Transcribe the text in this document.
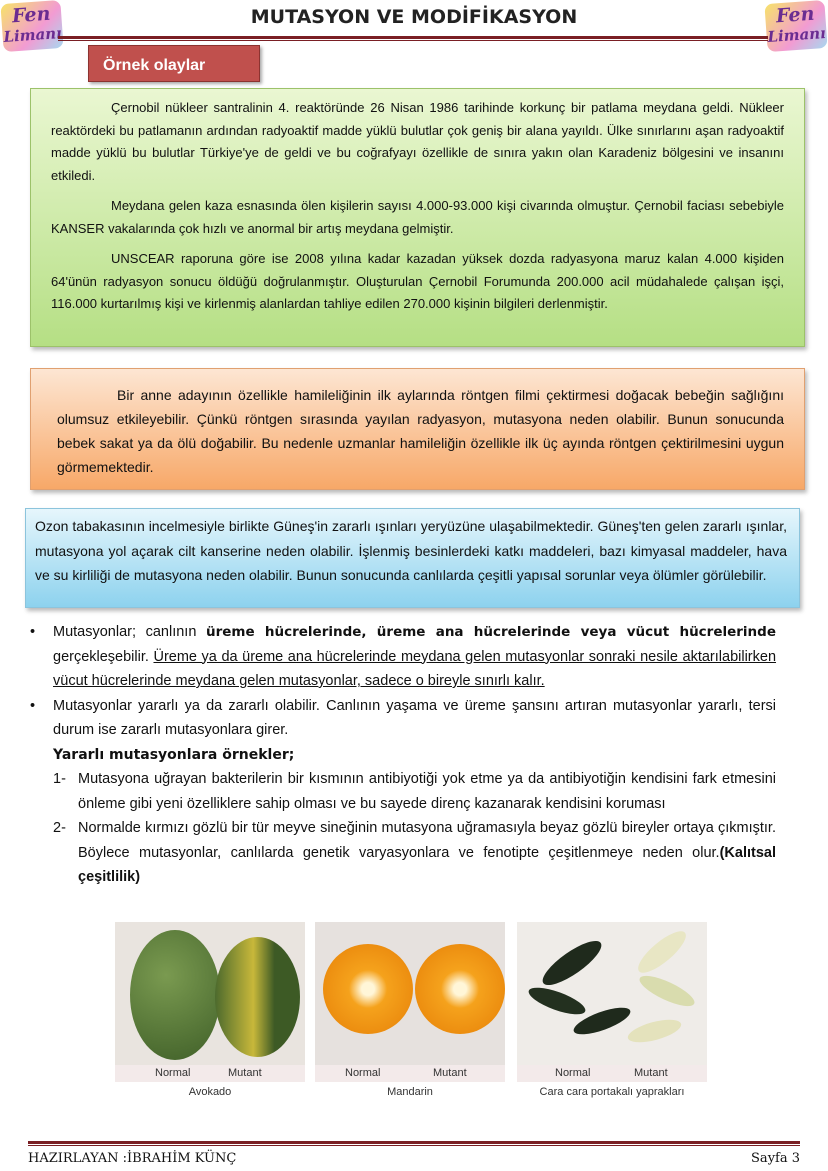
Fen
Limanı
Fen
Limanı
MUTASYON VE MODİFİKASYON
Örnek olaylar

Çernobil nükleer santralinin 4. reaktöründe 26 Nisan 1986 tarihinde korkunç bir patlama meydana geldi. Nükleer reaktördeki bu patlamanın ardından radyoaktif madde yüklü bulutlar çok geniş bir alana yayıldı. Ülke sınırlarını aşan radyoaktif madde yüklü bu bulutlar Türkiye'ye de geldi ve bu coğrafyayı özellikle de sınıra yakın olan Karadeniz bölgesini ve insanını etkiledi.

Meydana gelen kaza esnasında ölen kişilerin sayısı 4.000-93.000 kişi civarında olmuştur. Çernobil faciası sebebiyle KANSER vakalarında çok hızlı ve anormal bir artış meydana gelmiştir.

UNSCEAR raporuna göre ise 2008 yılına kadar kazadan yüksek dozda radyasyona maruz kalan 4.000 kişiden 64'ünün radyasyon sonucu öldüğü doğrulanmıştır. Oluşturulan Çernobil Forumunda 200.000 acil müdahalede çalışan işçi, 116.000 kurtarılmış kişi ve kirlenmiş alanlardan tahliye edilen 270.000 kişinin bilgileri derlenmiştir.

Bir anne adayının özellikle hamileliğinin ilk aylarında röntgen filmi çektirmesi doğacak bebeğin sağlığını olumsuz etkileyebilir. Çünkü röntgen sırasında yayılan radyasyon, mutasyona neden olabilir. Bunun sonucunda bebek sakat ya da ölü doğabilir. Bu nedenle uzmanlar hamileliğin özellikle ilk üç ayında röntgen çektirilmesini uygun görmemektedir.

Ozon tabakasının incelmesiyle birlikte Güneş'in zararlı ışınları yeryüzüne ulaşabilmektedir. Güneş'ten gelen zararlı ışınlar, mutasyona yol açarak cilt kanserine neden olabilir. İşlenmiş besinlerdeki katkı maddeleri, bazı kimyasal maddeler, hava ve su kirliliği de mutasyona neden olabilir. Bunun sonucunda canlılarda çeşitli yapısal sorunlar veya ölümler görülebilir.

• Mutasyonlar; canlının üreme hücrelerinde, üreme ana hücrelerinde veya vücut hücrelerinde gerçekleşebilir. Üreme ya da üreme ana hücrelerinde meydana gelen mutasyonlar sonraki nesile aktarılabilirken vücut hücrelerinde meydana gelen mutasyonlar, sadece o bireyle sınırlı kalır.
• Mutasyonlar yararlı ya da zararlı olabilir. Canlının yaşama ve üreme şansını artıran mutasyonlar yararlı, tersi durum ise zararlı mutasyonlara girer.
Yararlı mutasyonlara örnekler;
1- Mutasyona uğrayan bakterilerin bir kısmının antibiyotiği yok etme ya da antibiyotiğin kendisini fark etmesini önleme gibi yeni özelliklere sahip olması ve bu sayede direnç kazanarak kendisini koruması
2- Normalde kırmızı gözlü bir tür meyve sineğinin mutasyona uğramasıyla beyaz gözlü bireyler ortaya çıkmıştır. Böylece mutasyonlar, canlılarda genetik varyasyonlara ve fenotipte çeşitlenmeye neden olur.(Kalıtsal çeşitlilik)
Normal	Mutant	Normal	Mutant	Normal	Mutant
Avokado	Mandarin	Cara cara portakalı yaprakları
HAZIRLAYAN :İBRAHİM KÜNÇ	Sayfa 3
